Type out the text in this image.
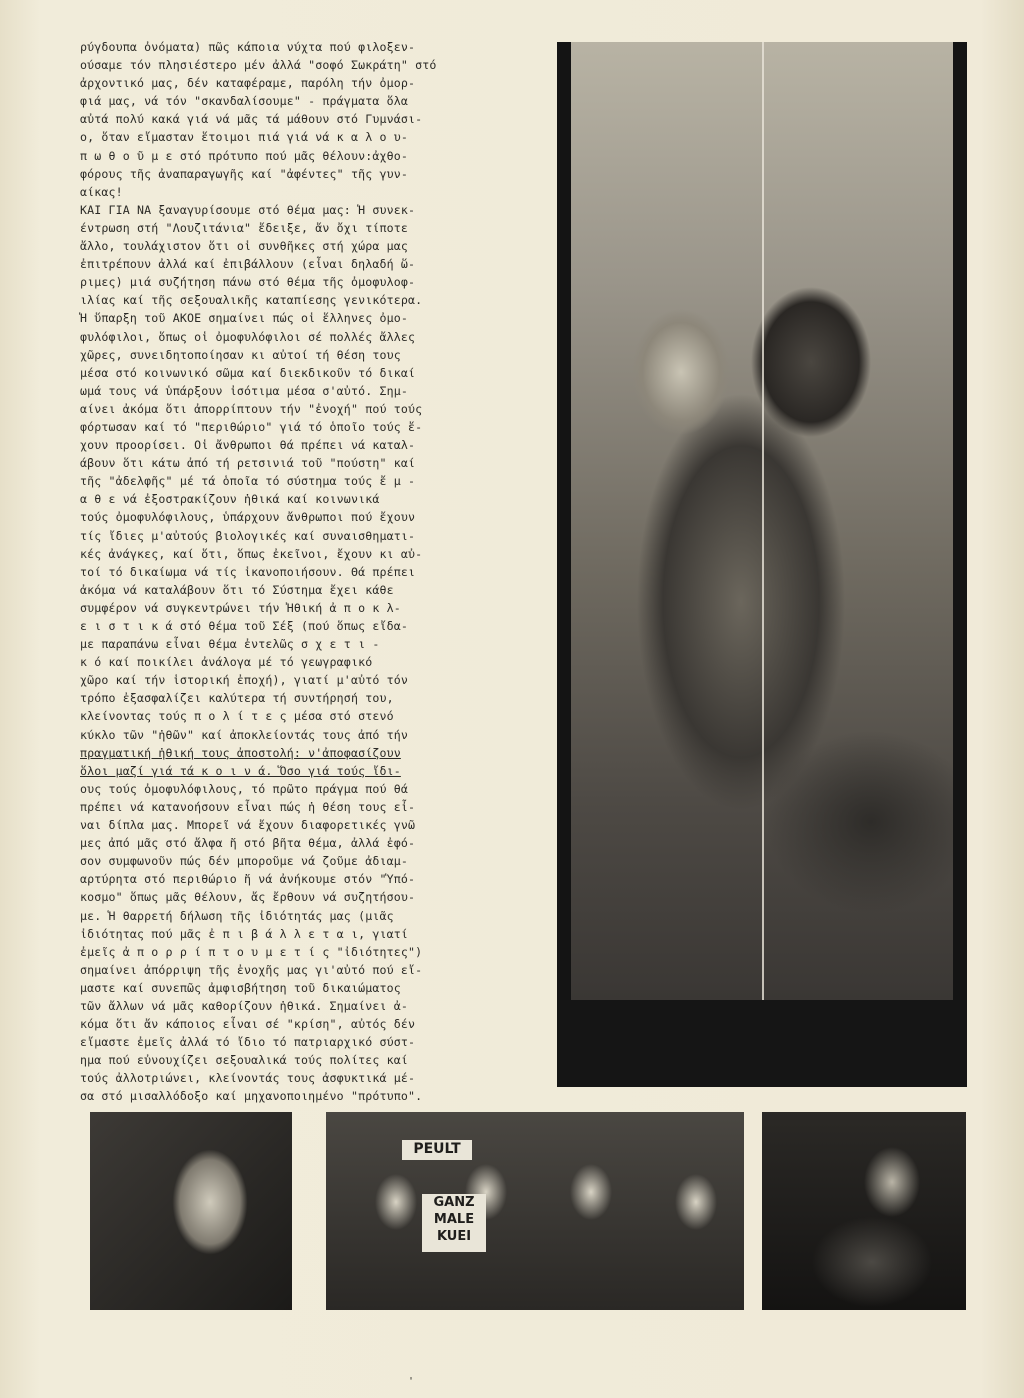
ρύγδουπα ὀνόματα) πῶς κάποια νύχτα πού φιλοξεν-
ούσαμε τόν πλησιέστερο μέν ἀλλά "σοφό Σωκράτη" στό
ἀρχοντικό μας, δέν καταφέραμε, παρόλη τήν ὀμορ-
φιά μας, νά τόν "σκανδαλίσουμε" - πράγματα ὅλα
αὐτά πολύ κακά γιά νά μᾶς τά μάθουν στό Γυμνάσι-
ο, ὅταν εἴμασταν ἕτοιμοι πιά γιά νά κ α λ ο υ-
π ω θ ο ῦ μ ε στό πρότυπο πού μᾶς θέλουν:ἀχθο-
φόρους τῆς ἀναπαραγωγῆς καί "ἀφέντες" τῆς γυν-
αίκας!
ΚΑΙ ΓΙΑ ΝΑ ξαναγυρίσουμε στό θέμα μας: Ἡ συνεκ-
έντρωση στή "Λουζιτάνια" ἔδειξε, ἄν ὄχι τίποτε
ἄλλο, τουλάχιστον ὅτι οἱ συνθῆκες στή χώρα μας
ἐπιτρέπουν ἀλλά καί ἐπιβάλλουν (εἶναι δηλαδή ὥ-
ριμες) μιά συζήτηση πάνω στό θέμα τῆς ὀμοφυλοφ-
ιλίας καί τῆς σεξουαλικῆς καταπίεσης γενικότερα.
Ἡ ὕπαρξη τοῦ ΑΚΟΕ σημαίνει πώς οἱ ἕλληνες ὀμο-
φυλόφιλοι, ὅπως οἱ ὀμοφυλόφιλοι σέ πολλές ἄλλες
χῶρες, συνειδητοποίησαν κι αὐτοί τή θέση τους
μέσα στό κοινωνικό σῶμα καί διεκδικοῦν τό δικαί
ωμά τους νά ὑπάρξουν ἰσότιμα μέσα σ'αὐτό. Σημ-
αίνει ἀκόμα ὅτι ἀπορρίπτουν τήν "ἐνοχή" πού τούς
φόρτωσαν καί τό "περιθώριο" γιά τό ὁποῖο τούς ἔ-
χουν προορίσει. Οἱ ἄνθρωποι θά πρέπει νά καταλ-
άβουν ὅτι κάτω ἀπό τή ρετσινιά τοῦ "πούστη" καί
τῆς "ἀδελφῆς" μέ τά ὁποῖα τό σύστημα τούς ἔ μ -
α θ ε νά ἐξοστρακίζουν ἠθικά καί κοινωνικά
τούς ὀμοφυλόφιλους, ὑπάρχουν ἄνθρωποι πού ἔχουν
τίς ἴδιες μ'αὐτούς βιολογικές καί συναισθηματι-
κές ἀνάγκες, καί ὅτι, ὅπως ἐκεῖνοι, ἔχουν κι αὐ-
τοί τό δικαίωμα νά τίς ἱκανοποιήσουν. Θά πρέπει
ἀκόμα νά καταλάβουν ὅτι τό Σύστημα ἔχει κάθε
συμφέρον νά συγκεντρώνει τήν Ἠθική ἀ π ο κ λ-
ε ι σ τ ι κ ά στό θέμα τοῦ Σέξ (πού ὅπως εἴδα-
με παραπάνω εἶναι θέμα ἐντελῶς σ χ ε τ ι -
κ ό καί ποικίλει ἀνάλογα μέ τό γεωγραφικό
χῶρο καί τήν ἱστορική ἐποχή), γιατί μ'αὐτό τόν
τρόπο ἐξασφαλίζει καλύτερα τή συντήρησή του,
κλείνοντας τούς π ο λ ί τ ε ς μέσα στό στενό
κύκλο τῶν "ἠθῶν" καί ἀποκλείοντάς τους ἀπό τήν
πραγματική ἠθική τους ἀποστολή: ν'ἀποφασίζουν
ὅλοι μαζί γιά τά κ ο ι ν ά. Ὅσο γιά τούς ἴδι-
ους τούς ὀμοφυλόφιλους, τό πρῶτο πράγμα πού θά
πρέπει νά κατανοήσουν εἶναι πώς ἡ θέση τους εἶ-
ναι δίπλα μας. Μπορεῖ νά ἔχουν διαφορετικές γνῶ
μες ἀπό μᾶς στό ἄλφα ἤ στό βῆτα θέμα, ἀλλά ἐφό-
σον συμφωνοῦν πώς δέν μποροῦμε νά ζοῦμε ἀδιαμ-
αρτύρητα στό περιθώριο ἤ νά ἀνήκουμε στόν "Ὑπό-
κοσμο" ὅπως μᾶς θέλουν, ἄς ἔρθουν νά συζητήσου-
με. Ἡ θαρρετή δήλωση τῆς ἰδιότητάς μας (μιᾶς
ἰδιότητας πού μᾶς ἐ π ι β ά λ λ ε τ α ι, γιατί
ἐμεῖς ἀ π ο ρ ρ ί π τ ο υ μ ε τ ί ς "ἰδιότητες")
σημαίνει ἀπόρριψη τῆς ἐνοχῆς μας γι'αὐτό πού εἴ-
μαστε καί συνεπῶς ἀμφισβήτηση τοῦ δικαιώματος
τῶν ἄλλων νά μᾶς καθορίζουν ἠθικά. Σημαίνει ἀ-
κόμα ὅτι ἄν κάποιος εἶναι σέ "κρίση", αὐτός δέν
εἴμαστε ἐμεῖς ἀλλά τό ἴδιο τό πατριαρχικό σύστ-
ημα πού εὐνουχίζει σεξουαλικά τούς πολίτες καί
τούς ἀλλοτριώνει, κλείνοντάς τους ἀσφυκτικά μέ-
σα στό μισαλλόδοξο καί μηχανοποιημένο "πρότυπο".
PEULT
GANZ
MALE
KUEI
'
